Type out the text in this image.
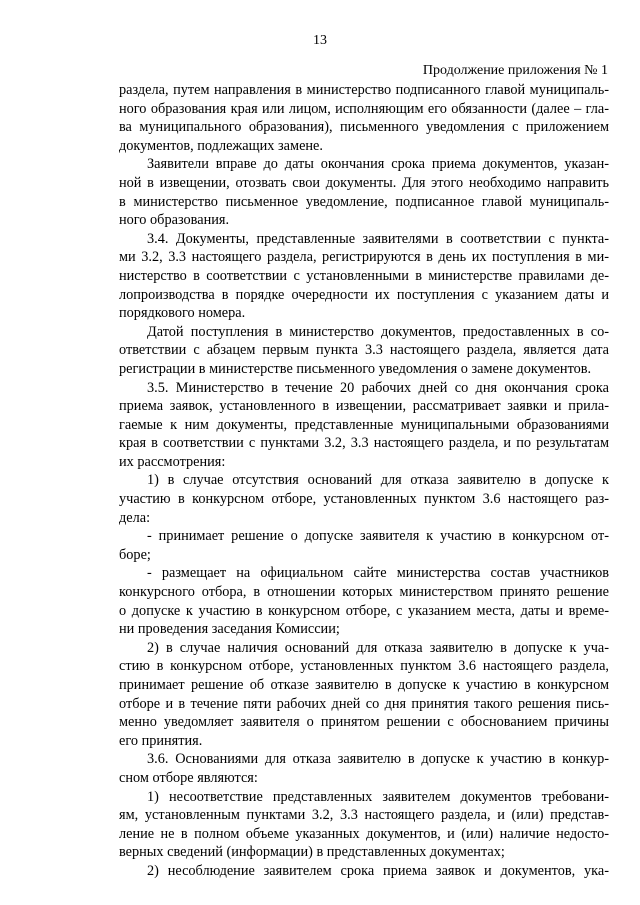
13
Продолжение приложения № 1
раздела, путем направления в министерство подписанного главой муниципаль-
ного образования края или лицом, исполняющим его обязанности (далее – гла-
ва муниципального образования), письменного уведомления с приложением
документов, подлежащих замене.
Заявители вправе до даты окончания срока приема документов, указан-
ной в извещении, отозвать свои документы. Для этого необходимо направить
в министерство письменное уведомление, подписанное главой муниципаль-
ного образования.
3.4. Документы, представленные заявителями в соответствии с пункта-
ми 3.2, 3.3 настоящего раздела, регистрируются в день их поступления в ми-
нистерство в соответствии с установленными в министерстве правилами де-
лопроизводства в порядке очередности их поступления с указанием даты и
порядкового номера.
Датой поступления в министерство документов, предоставленных в со-
ответствии с абзацем первым пункта 3.3 настоящего раздела, является дата
регистрации в министерстве письменного уведомления о замене документов.
3.5. Министерство в течение 20 рабочих дней со дня окончания срока
приема заявок, установленного в извещении, рассматривает заявки и прила-
гаемые к ним документы, представленные муниципальными образованиями
края в соответствии с пунктами 3.2, 3.3 настоящего раздела, и по результатам
их рассмотрения:
1) в случае отсутствия оснований для отказа заявителю в допуске к
участию в конкурсном отборе, установленных пунктом 3.6 настоящего раз-
дела:
- принимает решение о допуске заявителя к участию в конкурсном от-
боре;
- размещает на официальном сайте министерства состав участников
конкурсного отбора, в отношении которых министерством принято решение
о допуске к участию в конкурсном отборе, с указанием места, даты и време-
ни проведения заседания Комиссии;
2) в случае наличия оснований для отказа заявителю в допуске к уча-
стию в конкурсном отборе, установленных пунктом 3.6 настоящего раздела,
принимает решение об отказе заявителю в допуске к участию в конкурсном
отборе и в течение пяти рабочих дней со дня принятия такого решения пись-
менно уведомляет заявителя о принятом решении с обоснованием причины
его принятия.
3.6. Основаниями для отказа заявителю в допуске к участию в конкур-
сном отборе являются:
1) несоответствие представленных заявителем документов требовани-
ям, установленным пунктами 3.2, 3.3 настоящего раздела, и (или) представ-
ление не в полном объеме указанных документов, и (или) наличие недосто-
верных сведений (информации) в представленных документах;
2) несоблюдение заявителем срока приема заявок и документов, ука-
